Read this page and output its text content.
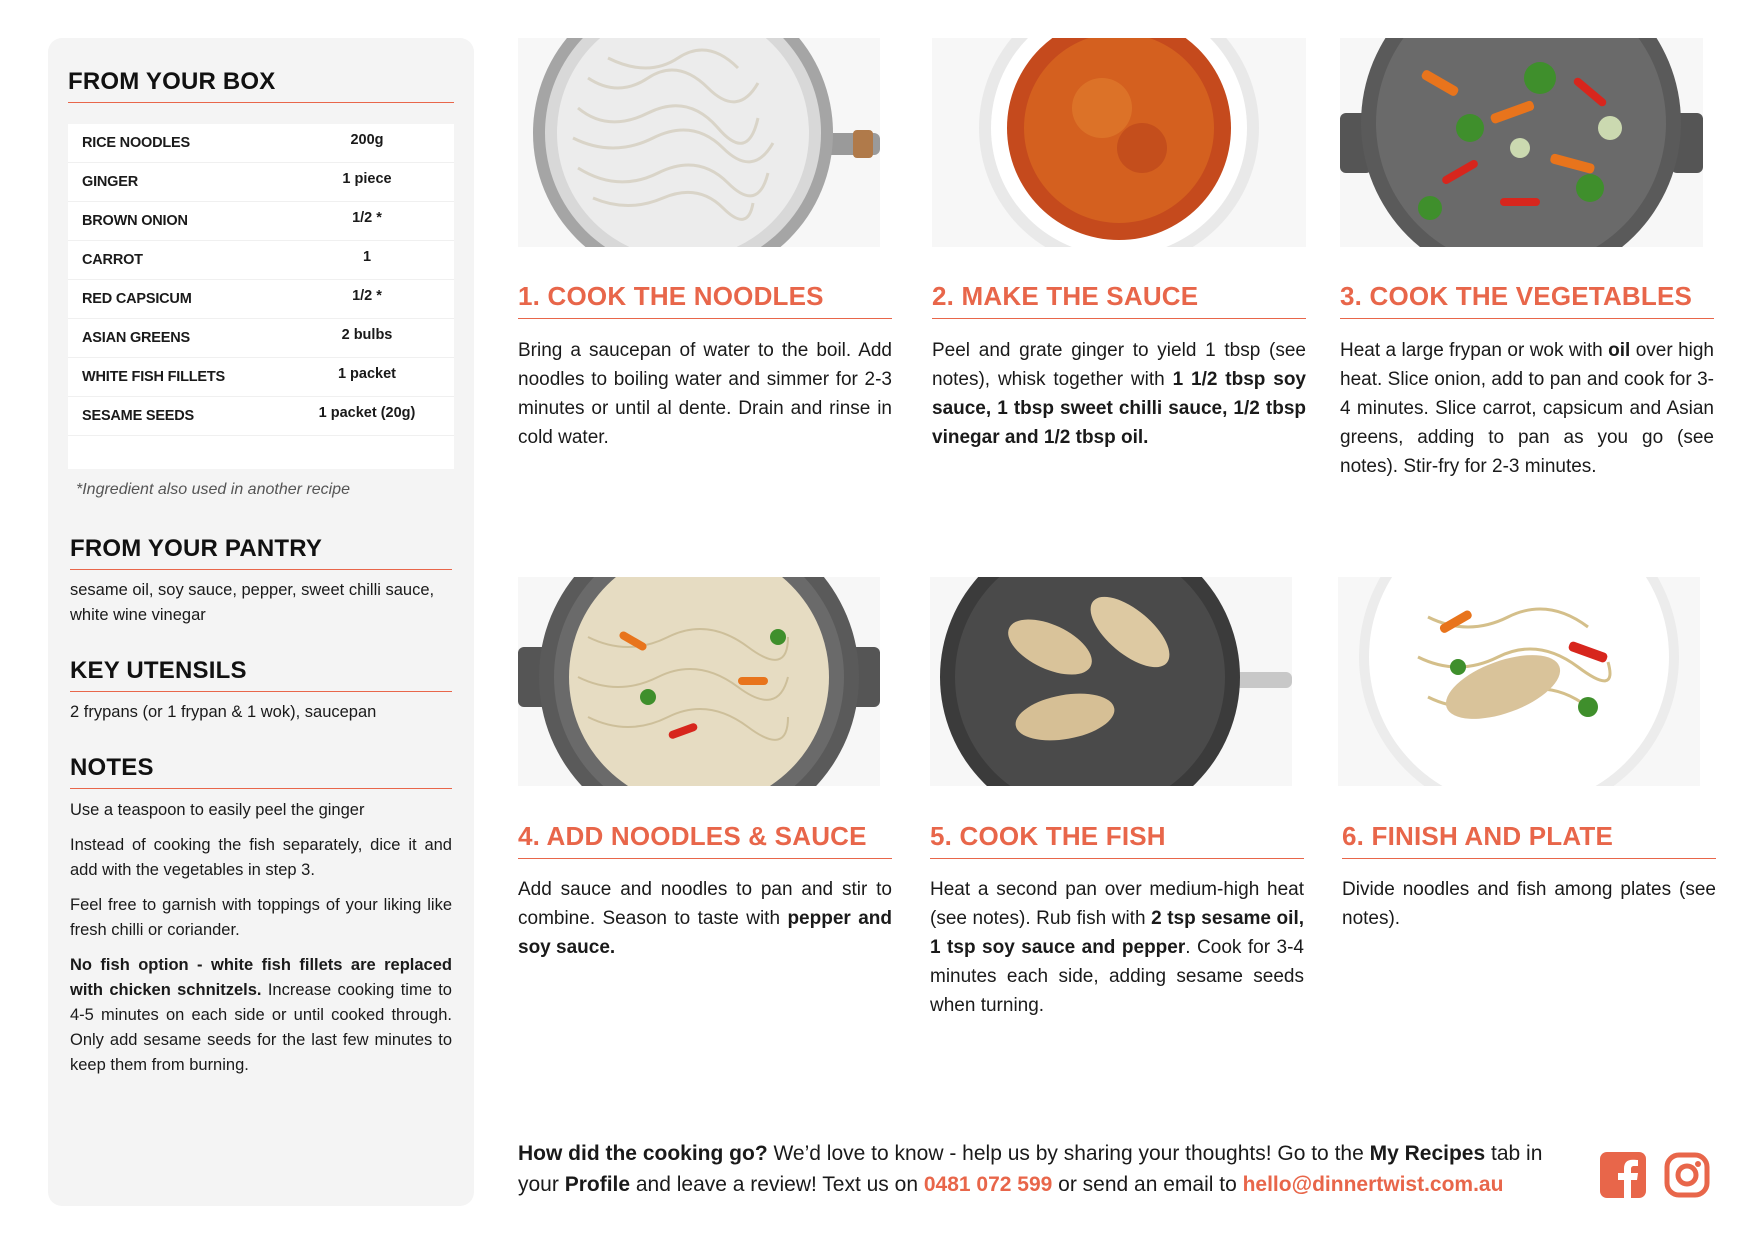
FROM YOUR BOX
RICE NOODLES	200g
GINGER	1 piece
BROWN ONION	1/2 *
CARROT	1
RED CAPSICUM	1/2 *
ASIAN GREENS	2 bulbs
WHITE FISH FILLETS	1 packet
SESAME SEEDS	1 packet (20g)
*Ingredient also used in another recipe
FROM YOUR PANTRY
sesame oil, soy sauce, pepper, sweet chilli sauce, white wine vinegar
KEY UTENSILS
2 frypans (or 1 frypan & 1 wok), saucepan
NOTES

Use a teaspoon to easily peel the ginger

Instead of cooking the fish separately, dice it and add with the vegetables in step 3.

Feel free to garnish with toppings of your liking like fresh chilli or coriander.

No fish option - white fish fillets are replaced with chicken schnitzels. Increase cooking time to 4-5 minutes on each side or until cooked through. Only add sesame seeds for the last few minutes to keep them from burning.

1. COOK THE NOODLES
Bring a saucepan of water to the boil. Add noodles to boiling water and simmer for 2-3 minutes or until al dente. Drain and rinse in cold water.
2. MAKE THE SAUCE
Peel and grate ginger to yield 1 tbsp (see notes), whisk together with 1 1/2 tbsp soy sauce, 1 tbsp sweet chilli sauce, 1/2 tbsp vinegar and 1/2 tbsp oil.
3. COOK THE VEGETABLES
Heat a large frypan or wok with oil over high heat. Slice onion, add to pan and cook for 3-4 minutes. Slice carrot, capsicum and Asian greens, adding to pan as you go (see notes). Stir-fry for 2-3 minutes.
4. ADD NOODLES & SAUCE
Add sauce and noodles to pan and stir to combine. Season to taste with pepper and soy sauce.
5. COOK THE FISH
Heat a second pan over medium-high heat (see notes). Rub fish with 2 tsp sesame oil, 1 tsp soy sauce and pepper. Cook for 3-4 minutes each side, adding sesame seeds when turning.
6. FINISH AND PLATE
Divide noodles and fish among plates (see notes).
How did the cooking go? We’d love to know - help us by sharing your thoughts! Go to the My Recipes tab in your Profile and leave a review! Text us on 0481 072 599 or send an email to hello@dinnertwist.com.au
